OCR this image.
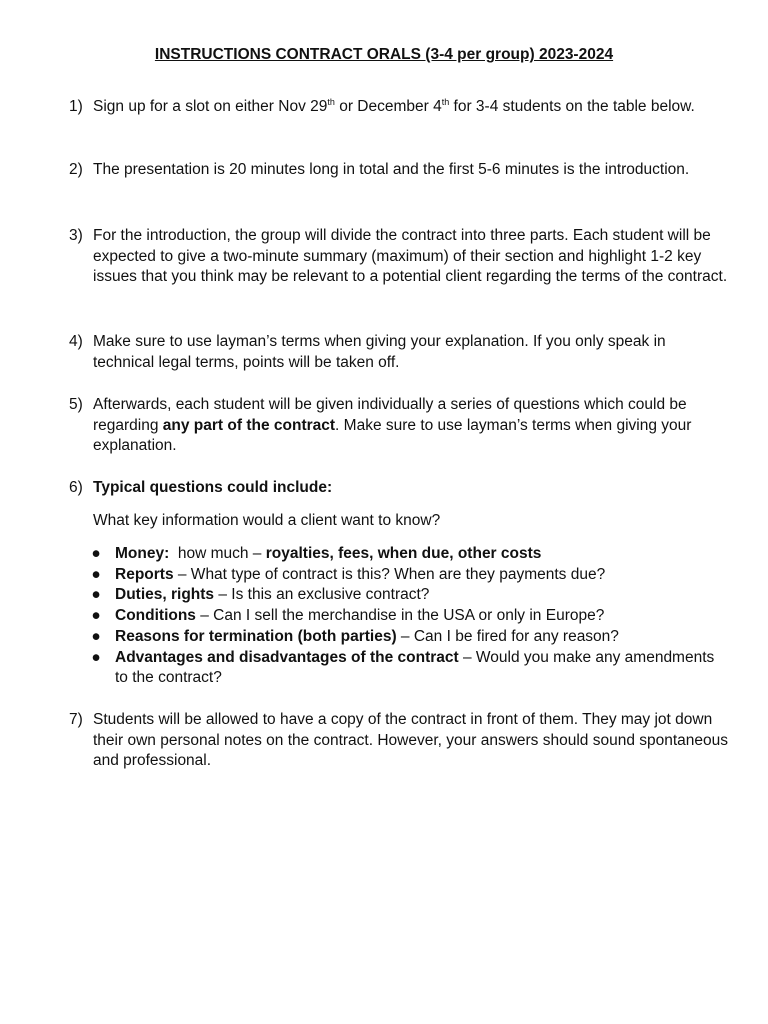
INSTRUCTIONS CONTRACT ORALS (3-4 per group) 2023-2024
1) Sign up for a slot on either Nov 29th or December 4th for 3-4 students on the table below.
2) The presentation is 20 minutes long in total and the first 5-6 minutes is the introduction.
3) For the introduction, the group will divide the contract into three parts. Each student will be expected to give a two-minute summary (maximum) of their section and highlight 1-2 key issues that you think may be relevant to a potential client regarding the terms of the contract.
4) Make sure to use layman’s terms when giving your explanation. If you only speak in technical legal terms, points will be taken off.
5) Afterwards, each student will be given individually a series of questions which could be regarding any part of the contract. Make sure to use layman’s terms when giving your explanation.
6) Typical questions could include:
What key information would a client want to know?
● Money:  how much – royalties, fees, when due, other costs
● Reports – What type of contract is this? When are they payments due?
● Duties, rights – Is this an exclusive contract?
● Conditions – Can I sell the merchandise in the USA or only in Europe?
● Reasons for termination (both parties) – Can I be fired for any reason?
● Advantages and disadvantages of the contract – Would you make any amendments to the contract?
7) Students will be allowed to have a copy of the contract in front of them. They may jot down their own personal notes on the contract. However, your answers should sound spontaneous and professional.
